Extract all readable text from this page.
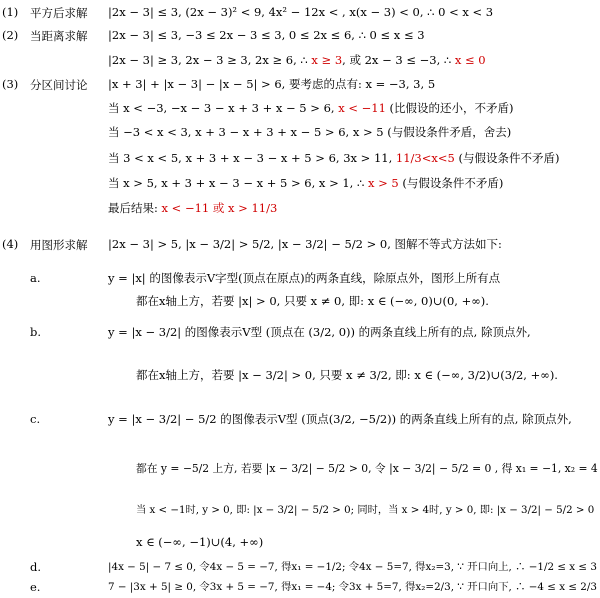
(1) 平方后求解 |2x − 3| ≤ 3, (2x − 3)² < 9, 4x² − 12x < , x(x − 3) < 0, ∴ 0 < x < 3
(2) 当距离求解 |2x − 3| ≤ 3, −3 ≤ 2x − 3 ≤ 3, 0 ≤ 2x ≤ 6, ∴ 0 ≤ x ≤ 3
|2x − 3| ≥ 3, 2x − 3 ≥ 3, 2x ≥ 6, ∴ x ≥ 3, 或 2x − 3 ≤ −3, ∴ x ≤ 0
(3) 分区间讨论 |x + 3| + |x − 3| − |x − 5| > 6, 要考虑的点有: x = −3, 3, 5
当 x < −3, −x − 3 − x + 3 + x − 5 > 6, x < −11 (比假设的还小，不矛盾)
当 −3 < x < 3, x + 3 − x + 3 + x − 5 > 6, x > 5 (与假设条件矛盾，舍去)
当 3 < x < 5, x + 3 + x − 3 − x + 5 > 6, 3x > 11, 11/3<x<5 (与假设条件不矛盾)
当 x > 5, x + 3 + x − 3 − x + 5 > 6, x > 1, ∴ x > 5 (与假设条件不矛盾)
最后结果: x < −11 或 x > 11/3
(4) 用图形求解 |2x − 3| > 5, |x − 3/2| > 5/2, |x − 3/2| − 5/2 > 0, 图解不等式方法如下:
a.	y = |x| 的图像表示V字型(顶点在原点)的两条直线，除原点外，图形上所有点
都在x轴上方，若要 |x| > 0, 只要 x ≠ 0, 即: x ∈ (−∞, 0)∪(0, +∞).
b.	y = |x − 3/2| 的图像表示V型 (顶点在 (3/2, 0)) 的两条直线上所有的点, 除顶点外,
都在x轴上方，若要 |x − 3/2| > 0, 只要 x ≠ 3/2, 即: x ∈ (−∞, 3/2)∪(3/2, +∞).
c.	y = |x − 3/2| − 5/2 的图像表示V型 (顶点(3/2, −5/2)) 的两条直线上所有的点, 除顶点外,
都在 y = −5/2 上方, 若要 |x − 3/2| − 5/2 > 0, 令 |x − 3/2| − 5/2 = 0 , 得 x₁ = −1, x₂ = 4
当 x < −1时, y > 0, 即: |x − 3/2| − 5/2 > 0; 同时，当 x > 4时, y > 0, 即: |x − 3/2| − 5/2 > 0
x ∈ (−∞, −1)∪(4, +∞)
d.	|4x − 5| − 7 ≤ 0, 令4x − 5 = −7, 得x₁ = −1/2; 令4x − 5=7, 得x₂=3, ∵ 开口向上, ∴ −1/2 ≤ x ≤ 3
e.	7 − |3x + 5| ≥ 0, 令3x + 5 = −7, 得x₁ = −4; 令3x + 5=7, 得x₂=2/3, ∵ 开口向下, ∴ −4 ≤ x ≤ 2/3
